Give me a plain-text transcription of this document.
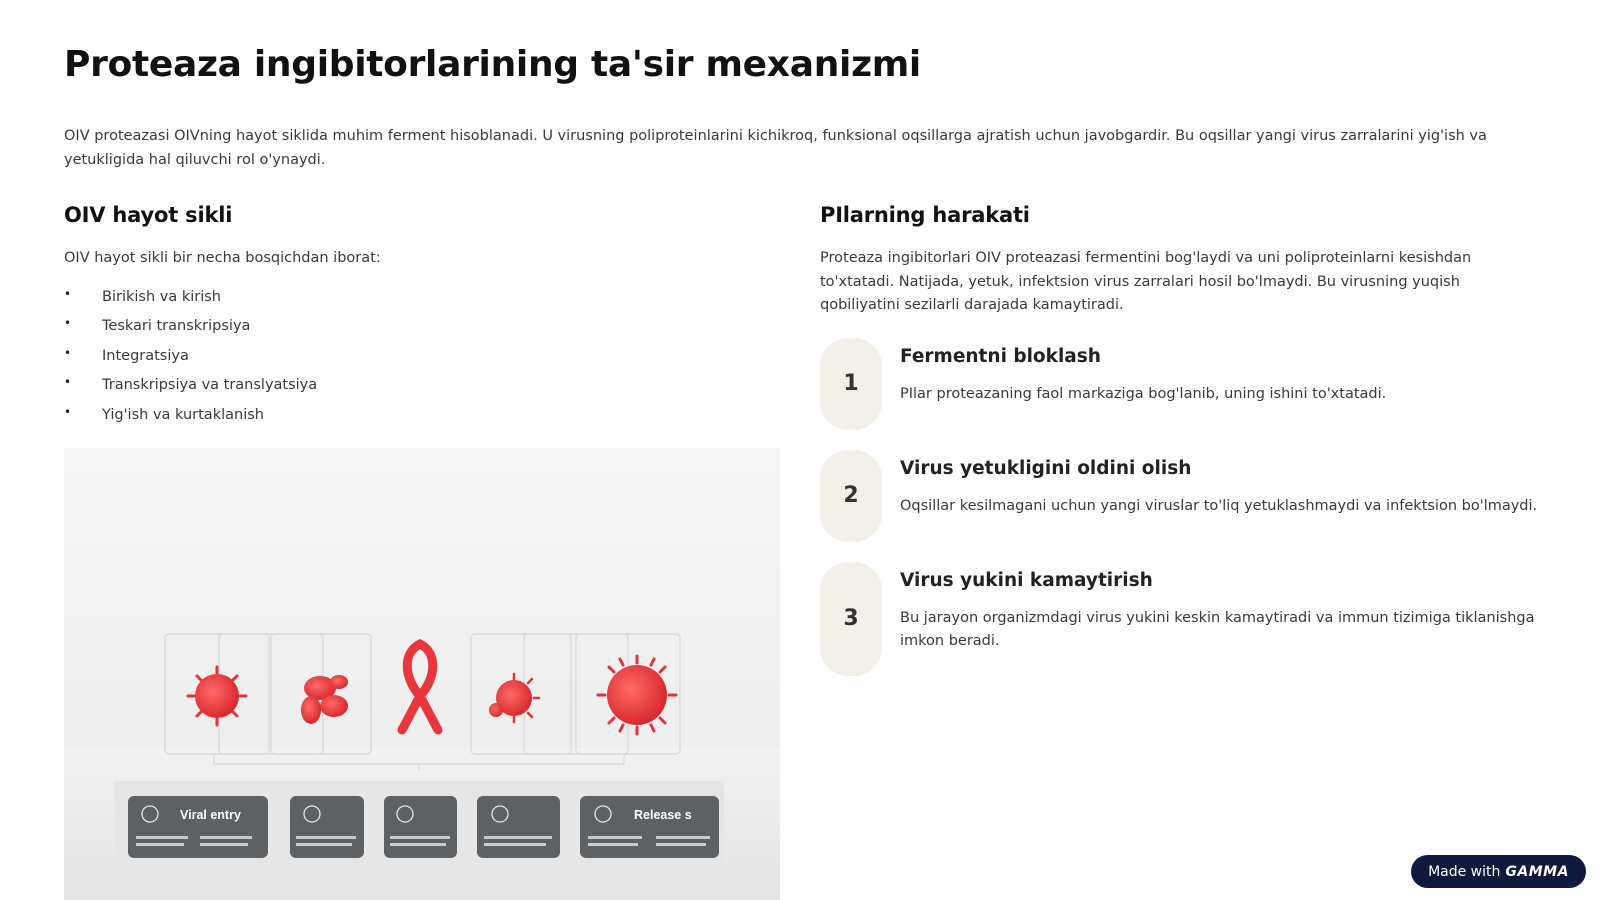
Proteaza ingibitorlarining ta'sir mexanizmi

OIV proteazasi OIVning hayot siklida muhim ferment hisoblanadi. U virusning poliproteinlarini kichikroq, funksional oqsillarga ajratish uchun javobgardir. Bu oqsillar yangi virus zarralarini yig'ish va yetukligida hal qiluvchi rol o'ynaydi.

OIV hayot sikli

OIV hayot sikli bir necha bosqichdan iborat:

• Birikish va kirish
• Teskari transkripsiya
• Integratsiya
• Transkripsiya va translyatsiya
• Yig'ish va kurtaklanish
Viral entry	Release s
PIlarning harakati

Proteaza ingibitorlari OIV proteazasi fermentini bog'laydi va uni poliproteinlarni kesishdan to'xtatadi. Natijada, yetuk, infektsion virus zarralari hosil bo'lmaydi. Bu virusning yuqish qobiliyatini sezilarli darajada kamaytiradi.

1
Fermentni bloklash

PIlar proteazaning faol markaziga bog'lanib, uning ishini to'xtatadi.

2
Virus yetukligini oldini olish

Oqsillar kesilmagani uchun yangi viruslar to'liq yetuklashmaydi va infektsion bo'lmaydi.

3
Virus yukini kamaytirish

Bu jarayon organizmdagi virus yukini keskin kamaytiradi va immun tizimiga tiklanishga imkon beradi.

Made with GAMMA
